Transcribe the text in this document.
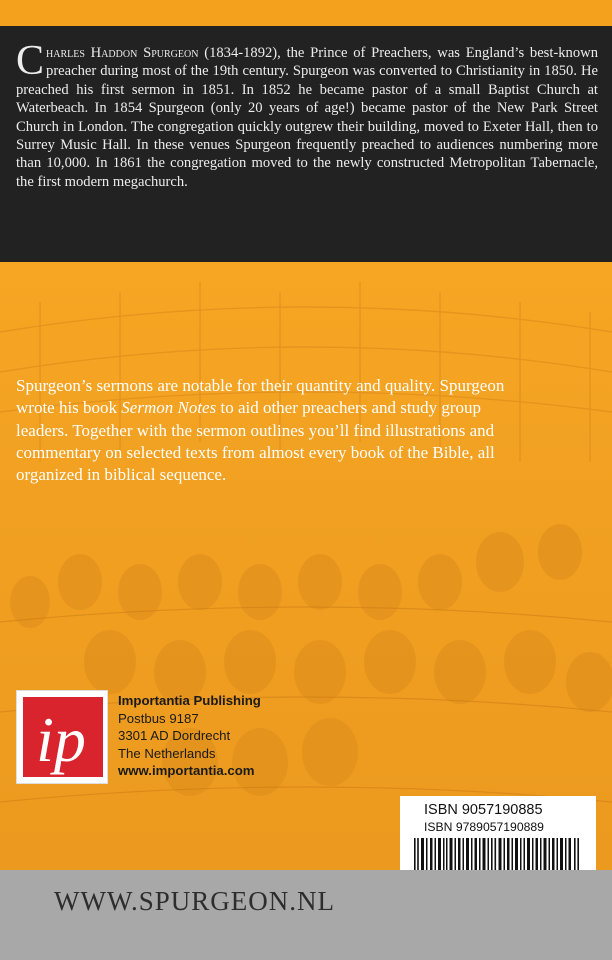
Charles Haddon Spurgeon (1834-1892), the Prince of Preachers, was England’s best-known preacher during most of the 19th century. Spurgeon was converted to Christianity in 1850. He preached his first sermon in 1851. In 1852 he became pastor of a small Baptist Church at Waterbeach. In 1854 Spurgeon (only 20 years of age!) became pastor of the New Park Street Church in London. The congregation quickly outgrew their building, moved to Exeter Hall, then to Surrey Music Hall. In these venues Spurgeon frequently preached to audiences numbering more than 10,000. In 1861 the congregation moved to the newly constructed Metropolitan Tabernacle, the first modern megachurch.
Spurgeon’s sermons are notable for their quantity and quality. Spurgeon wrote his book Sermon Notes to aid other preachers and study group leaders. Together with the sermon outlines you’ll find illustrations and commentary on selected texts from almost every book of the Bible, all organized in biblical sequence.
ip
Importantia Publishing
Postbus 9187
3301 AD Dordrecht
The Netherlands
www.importantia.com
ISBN 9057190885
ISBN 9789057190889
WWW.SPURGEON.NL
